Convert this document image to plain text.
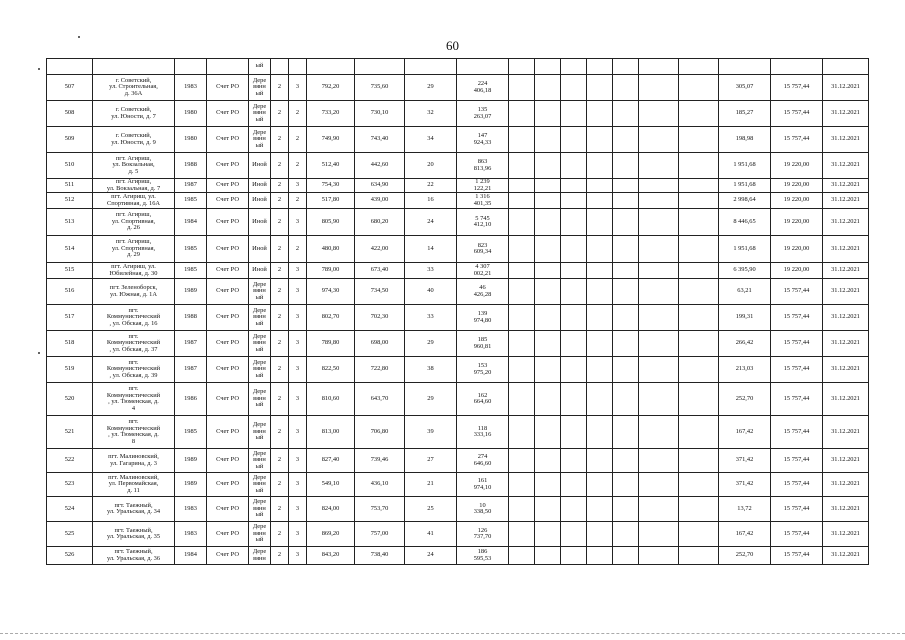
60
				ый																
507	г. Советский,
ул. Строительная,
д. 36А	1983	Счет РО	Дере
вянн
ый	2	3	792,20	735,60	29	224
406,18								305,07	15 757,44	31.12.2021
508	г. Советский,
ул. Юности, д. 7	1980	Счет РО	Дере
вянн
ый	2	2	733,20	730,10	32	135
263,07								185,27	15 757,44	31.12.2021
509	г. Советский,
ул. Юности, д. 9	1980	Счет РО	Дере
вянн
ый	2	2	749,90	743,40	34	147
924,33								198,98	15 757,44	31.12.2021
510	пгт. Агириш,
ул. Вокзальная,
д. 5	1988	Счет РО	Иной	2	2	512,40	442,60	20	863
813,96								1 951,68	19 220,00	31.12.2021
511	пгт. Агириш,
ул. Вокзальная, д. 7	1987	Счет РО	Иной	2	3	754,30	634,90	22	1 239
122,21								1 951,68	19 220,00	31.12.2021
512	пгт. Агириш, ул.
Спортивная, д. 16А	1985	Счет РО	Иной	2	2	517,80	439,00	16	1 316
401,35								2 998,64	19 220,00	31.12.2021
513	пгт. Агириш,
ул. Спортивная,
д. 26	1984	Счет РО	Иной	2	3	805,90	680,20	24	5 745
412,10								8 446,65	19 220,00	31.12.2021
514	пгт. Агириш,
ул. Спортивная,
д. 29	1985	Счет РО	Иной	2	2	480,80	422,00	14	823
609,34								1 951,68	19 220,00	31.12.2021
515	пгт. Агириш, ул.
Юбилейная, д. 30	1985	Счет РО	Иной	2	3	789,00	673,40	33	4 307
002,21								6 395,90	19 220,00	31.12.2021
516	пгт. Зеленоборск,
ул. Южная, д. 1А	1989	Счет РО	Дере
вянн
ый	2	3	974,30	734,50	40	46
426,28								63,21	15 757,44	31.12.2021
517	пгт.
Коммунистический
, ул. Обская, д. 16	1988	Счет РО	Дере
вянн
ый	2	3	802,70	702,30	33	139
974,80								199,31	15 757,44	31.12.2021
518	пгт.
Коммунистический
, ул. Обская, д. 37	1987	Счет РО	Дере
вянн
ый	2	3	789,80	698,00	29	185
960,81								266,42	15 757,44	31.12.2021
519	пгт.
Коммунистический
, ул. Обская, д. 39	1987	Счет РО	Дере
вянн
ый	2	3	822,50	722,80	38	153
975,20								213,03	15 757,44	31.12.2021
520	пгт.
Коммунистический
, ул. Тюменская, д.
4	1986	Счет РО	Дере
вянн
ый	2	3	810,60	643,70	29	162
664,60								252,70	15 757,44	31.12.2021
521	пгт.
Коммунистический
, ул. Тюменская, д.
8	1985	Счет РО	Дере
вянн
ый	2	3	813,00	706,80	39	118
333,16								167,42	15 757,44	31.12.2021
522	пгт. Малиновский,
ул. Гагарина, д. 3	1989	Счет РО	Дере
вянн
ый	2	3	827,40	739,46	27	274
646,60								371,42	15 757,44	31.12.2021
523	пгт. Малиновский,
ул. Первомайская,
д. 11	1989	Счет РО	Дере
вянн
ый	2	3	549,10	436,10	21	161
974,10								371,42	15 757,44	31.12.2021
524	пгт. Таежный,
ул. Уральская, д. 34	1983	Счет РО	Дере
вянн
ый	2	3	824,00	753,70	25	10
338,50								13,72	15 757,44	31.12.2021
525	пгт. Таежный,
ул. Уральская, д. 35	1983	Счет РО	Дере
вянн
ый	2	3	869,20	757,00	41	126
737,70								167,42	15 757,44	31.12.2021
526	пгт. Таежный,
ул. Уральская, д. 36	1984	Счет РО	Дере
вянн	2	3	843,20	738,40	24	186
595,53								252,70	15 757,44	31.12.2021
